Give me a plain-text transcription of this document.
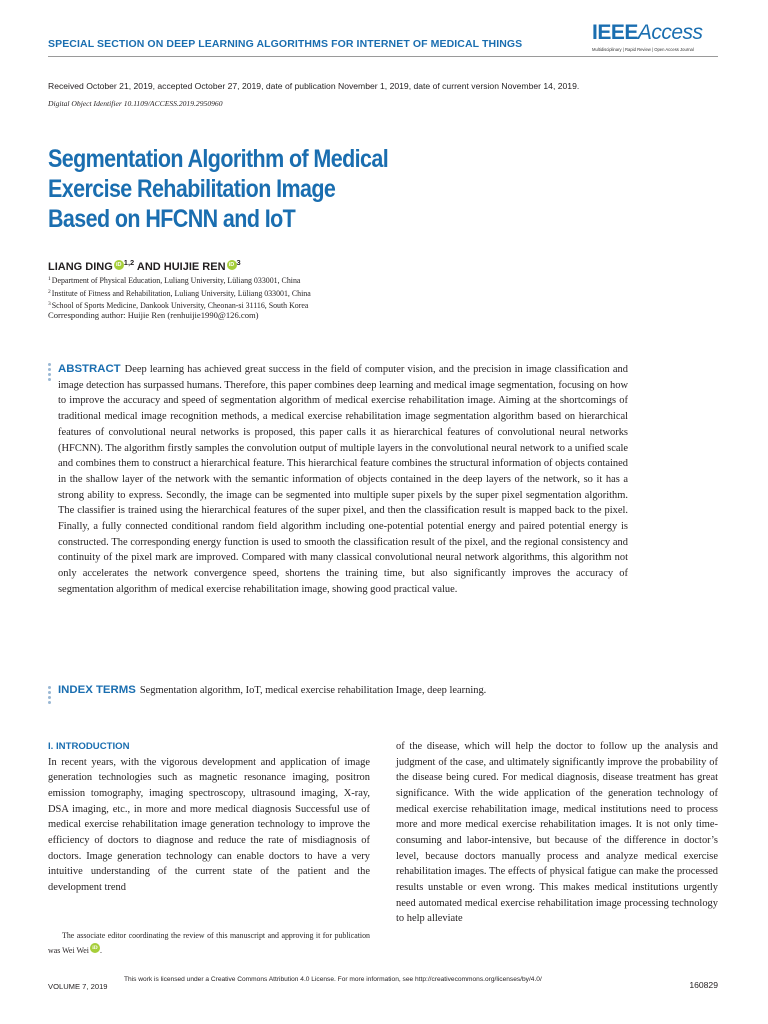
SPECIAL SECTION ON DEEP LEARNING ALGORITHMS FOR INTERNET OF MEDICAL THINGS	IEEEAccess
Multidisciplinary | Rapid Review | Open Access Journal
Received October 21, 2019, accepted October 27, 2019, date of publication November 1, 2019, date of current version November 14, 2019.
Digital Object Identifier 10.1109/ACCESS.2019.2950960
Segmentation Algorithm of Medical
Exercise Rehabilitation Image
Based on HFCNN and IoT
LIANG DING iD $^{1,2}$ AND HUIJIE REN iD $^3$
$^1$Department of Physical Education, Luliang University, Lüliang 033001, China
$^2$Institute of Fitness and Rehabilitation, Luliang University, Lüliang 033001, China
$^3$School of Sports Medicine, Dankook University, Cheonan-si 31116, South Korea
Corresponding author: Huijie Ren (renhuijie1990@126.com)
ABSTRACT Deep learning has achieved great success in the field of computer vision, and the precision in image classification and image detection has surpassed humans. Therefore, this paper combines deep learning and medical image segmentation, focusing on how to improve the accuracy and speed of segmentation algorithm of medical exercise rehabilitation image. Aiming at the shortcomings of traditional medical image recognition methods, a medical exercise rehabilitation image segmentation algorithm based on hierarchical features of convolutional neural networks is proposed, this paper calls it as hierarchical features of convolutional neural networks (HFCNN). The algorithm firstly samples the convolution output of multiple layers in the convolutional neural network to a unified scale and combines them to construct a hierarchical feature. This hierarchical feature combines the structural information of objects contained in the shallow layer of the network with the semantic information of objects contained in the deep layers of the network, so it has a strong ability to express. Secondly, the image can be segmented into multiple super pixels by the super pixel segmentation algorithm. The classifier is trained using the hierarchical features of the super pixel, and then the classification result is mapped back to the pixel. Finally, a fully connected conditional random field algorithm including one-potential potential energy and paired potential energy is constructed. The corresponding energy function is used to smooth the classification result of the pixel, and the regional consistency and continuity of the pixel mark are improved. Compared with many classical convolutional neural network algorithms, this algorithm not only accelerates the network convergence speed, shortens the training time, but also significantly improves the accuracy of segmentation algorithm of medical exercise rehabilitation image, showing good practical value.
INDEX TERMS Segmentation algorithm, IoT, medical exercise rehabilitation Image, deep learning.
I. INTRODUCTION
In recent years, with the vigorous development and application of image generation technologies such as magnetic resonance imaging, positron emission tomography, imaging spectroscopy, ultrasound imaging, X-ray, DSA imaging, etc., in more and more medical diagnosis Successful use of medical exercise rehabilitation image generation technology to improve the efficiency of doctors to diagnose and reduce the rate of misdiagnosis of doctors. Image generation technology can enable doctors to have a very intuitive understanding of the current state of the patient and the development trend
of the disease, which will help the doctor to follow up the analysis and judgment of the case, and ultimately significantly improve the probability of the disease being cured. For medical diagnosis, disease treatment has great significance. With the wide application of the generation technology of medical exercise rehabilitation image, medical institutions need to process more and more medical exercise rehabilitation images. It is not only time-consuming and labor-intensive, but because of the difference in doctor’s level, because doctors manually process and analyze medical exercise rehabilitation images. The effects of physical fatigue can make the processed results unstable or even wrong. This makes medical institutions urgently need automated medical exercise rehabilitation image processing technology to help alleviate
The associate editor coordinating the review of this manuscript and approving it for publication was Wei Wei iD .
VOLUME 7, 2019
This work is licensed under a Creative Commons Attribution 4.0 License. For more information, see http://creativecommons.org/licenses/by/4.0/
160829
